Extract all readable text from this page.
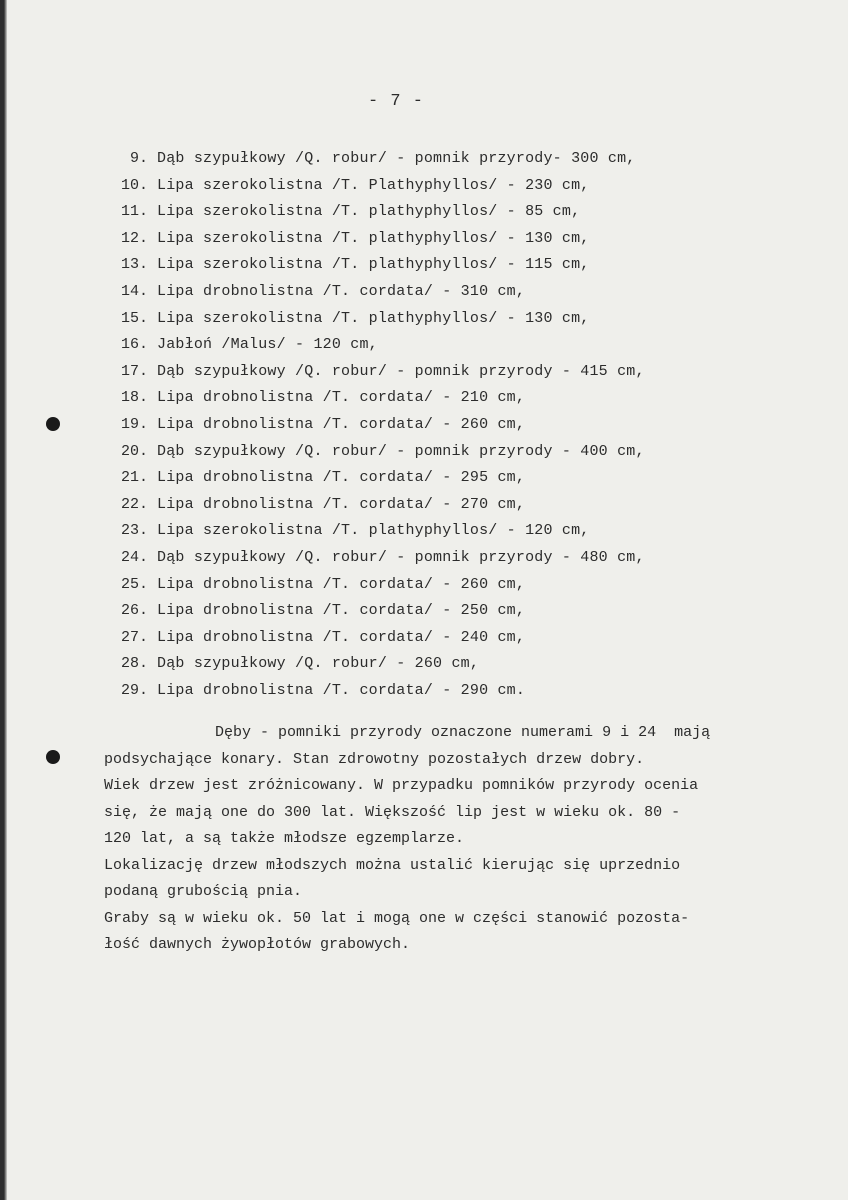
- 7 -
9. Dąb szypułkowy /Q. robur/ - pomnik przyrody- 300 cm,
10. Lipa szerokolistna /T. Plathyphyllos/ - 230 cm,
11. Lipa szerokolistna /T. plathyphyllos/ - 85 cm,
12. Lipa szerokolistna /T. plathyphyllos/ - 130 cm,
13. Lipa szerokolistna /T. plathyphyllos/ - 115 cm,
14. Lipa drobnolistna /T. cordata/ - 310 cm,
15. Lipa szerokolistna /T. plathyphyllos/ - 130 cm,
16. Jabłoń /Malus/ - 120 cm,
17. Dąb szypułkowy /Q. robur/ - pomnik przyrody - 415 cm,
18. Lipa drobnolistna /T. cordata/ - 210 cm,
19. Lipa drobnolistna /T. cordata/ - 260 cm,
20. Dąb szypułkowy /Q. robur/ - pomnik przyrody - 400 cm,
21. Lipa drobnolistna /T. cordata/ - 295 cm,
22. Lipa drobnolistna /T. cordata/ - 270 cm,
23. Lipa szerokolistna /T. plathyphyllos/ - 120 cm,
24. Dąb szypułkowy /Q. robur/ - pomnik przyrody - 480 cm,
25. Lipa drobnolistna /T. cordata/ - 260 cm,
26. Lipa drobnolistna /T. cordata/ - 250 cm,
27. Lipa drobnolistna /T. cordata/ - 240 cm,
28. Dąb szypułkowy /Q. robur/ - 260 cm,
29. Lipa drobnolistna /T. cordata/ - 290 cm.
Dęby - pomniki przyrody oznaczone numerami 9 i 24  mają
podsychające konary. Stan zdrowotny pozostałych drzew dobry.
Wiek drzew jest zróżnicowany. W przypadku pomników przyrody ocenia
się, że mają one do 300 lat. Większość lip jest w wieku ok. 80 -
120 lat, a są także młodsze egzemplarze.
Lokalizację drzew młodszych można ustalić kierując się uprzednio
podaną grubością pnia.
Graby są w wieku ok. 50 lat i mogą one w części stanowić pozosta-
łość dawnych żywopłotów grabowych.
